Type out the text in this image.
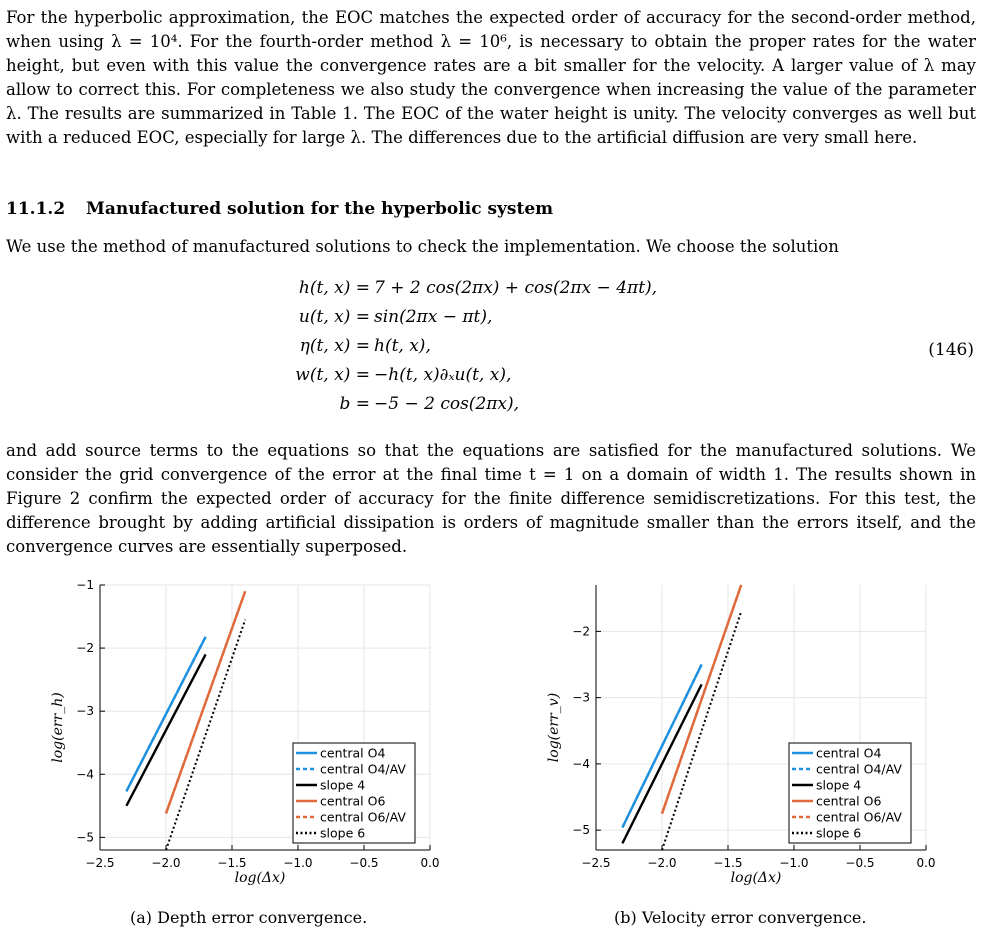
For the hyperbolic approximation, the EOC matches the expected order of accuracy for the second-order method, when using λ = 10⁴. For the fourth-order method λ = 10⁶, is necessary to obtain the proper rates for the water height, but even with this value the convergence rates are a bit smaller for the velocity. A larger value of λ may allow to correct this. For completeness we also study the convergence when increasing the value of the parameter λ. The results are summarized in Table 1. The EOC of the water height is unity. The velocity converges as well but with a reduced EOC, especially for large λ. The differences due to the artificial diffusion are very small here.

11.1.2 Manufactured solution for the hyperbolic system

We use the method of manufactured solutions to check the implementation. We choose the solution

h(t, x) = 7 + 2 cos(2πx) + cos(2πx − 4πt),
u(t, x) = sin(2πx − πt),
η(t, x) = h(t, x),
w(t, x) = −h(t, x)∂ₓu(t, x),
b = −5 − 2 cos(2πx),
(146)

and add source terms to the equations so that the equations are satisfied for the manufactured solutions. We consider the grid convergence of the error at the final time t = 1 on a domain of width 1. The results shown in Figure 2 confirm the expected order of accuracy for the finite difference semidiscretizations. For this test, the difference brought by adding artificial dissipation is orders of magnitude smaller than the errors itself, and the convergence curves are essentially superposed.

−2.5	−2.0	−1.5	−1.0	−0.5	0.0
−1
−2
−3
−4
−5
log(Δx)
log(err_h)	central O4
central O4/AV
slope 4
central O6
central O6/AV
slope 6
−2.5	−2.0	−1.5	−1.0	−0.5	0.0
−2
−3
−4
−5
log(Δx)
log(err_v)	central O4
central O4/AV
slope 4
central O6
central O6/AV
slope 6
(a) Depth error convergence.	(b) Velocity error convergence.
